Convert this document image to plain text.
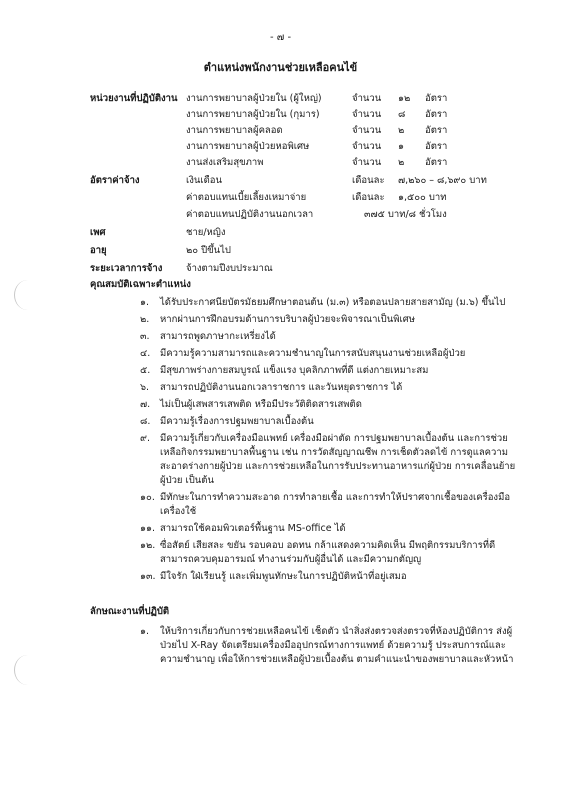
- ๗ -
ตำแหน่งพนักงานช่วยเหลือคนไข้
หน่วยงานที่ปฏิบัติงาน งานการพยาบาลผู้ป่วยใน (ผู้ใหญ่)	จำนวน ๑๒ อัตรา
งานการพยาบาลผู้ป่วยใน (กุมาร)	จำนวน ๘ อัตรา
งานการพยาบาลผู้คลอด	จำนวน ๒ อัตรา
งานการพยาบาลผู้ป่วยหอพิเศษ	จำนวน ๑ อัตรา
งานส่งเสริมสุขภาพ	จำนวน ๒ อัตรา
อัตราค่าจ้าง	เงินเดือน	เดือนละ ๗,๒๖๐ – ๘,๖๙๐ บาท
ค่าตอบแทนเบี้ยเลี้ยงเหมาจ่าย	เดือนละ ๑,๕๐๐ บาท
ค่าตอบแทนปฏิบัติงานนอกเวลา	๓๗๕ บาท/๘ ชั่วโมง
เพศ	ชาย/หญิง
อายุ	๒๐ ปีขึ้นไป
ระยะเวลาการจ้าง จ้างตามปีงบประมาณ
คุณสมบัติเฉพาะตำแหน่ง
๑.	ได้รับประกาศนียบัตรมัธยมศึกษาตอนต้น (ม.๓) หรือตอนปลายสายสามัญ (ม.๖) ขึ้นไป
๒.	หากผ่านการฝึกอบรมด้านการบริบาลผู้ป่วยจะพิจารณาเป็นพิเศษ
๓.	สามารถพูดภาษากะเหรี่ยงได้
๔.	มีความรู้ความสามารถและความชำนาญในการสนับสนุนงานช่วยเหลือผู้ป่วย
๕.	มีสุขภาพร่างกายสมบูรณ์ แข็งแรง บุคลิกภาพที่ดี แต่งกายเหมาะสม
๖.	สามารถปฏิบัติงานนอกเวลาราชการ และวันหยุดราชการ ได้
๗.	ไม่เป็นผู้เสพสารเสพติด หรือมีประวัติติดสารเสพติด
๘.	มีความรู้เรื่องการปฐมพยาบาลเบื้องต้น
๙.	มีความรู้เกี่ยวกับเครื่องมือแพทย์ เครื่องมือผ่าตัด การปฐมพยาบาลเบื้องต้น และการช่วยเหลือกิจกรรมพยาบาลพื้นฐาน เช่น การวัดสัญญาณชีพ การเช็ดตัวลดไข้ การดูแลความสะอาดร่างกายผู้ป่วย และการช่วยเหลือในการรับประทานอาหารแก่ผู้ป่วย การเคลื่อนย้ายผู้ป่วย เป็นต้น
๑๐. มีทักษะในการทำความสะอาด การทำลายเชื้อ และการทำให้ปราศจากเชื้อของเครื่องมือเครื่องใช้
๑๑. สามารถใช้คอมพิวเตอร์พื้นฐาน MS-office ได้
๑๒. ซื่อสัตย์ เสียสละ ขยัน รอบคอบ อดทน กล้าแสดงความคิดเห็น มีพฤติกรรมบริการที่ดี สามารถควบคุมอารมณ์ ทำงานร่วมกับผู้อื่นได้ และมีความกตัญญู
๑๓. มีใจรัก ใฝ่เรียนรู้ และเพิ่มพูนทักษะในการปฏิบัติหน้าที่อยู่เสมอ
ลักษณะงานที่ปฏิบัติ
๑.	ให้บริการเกี่ยวกับการช่วยเหลือคนไข้ เช็ดตัว นำสิ่งส่งตรวจส่งตรวจที่ห้องปฏิบัติการ ส่งผู้ป่วยไป X-Ray จัดเตรียมเครื่องมืออุปกรณ์ทางการแพทย์ ด้วยความรู้ ประสบการณ์และความชำนาญ เพื่อให้การช่วยเหลือผู้ป่วยเบื้องต้น ตามคำแนะนำของพยาบาลและหัวหน้า
